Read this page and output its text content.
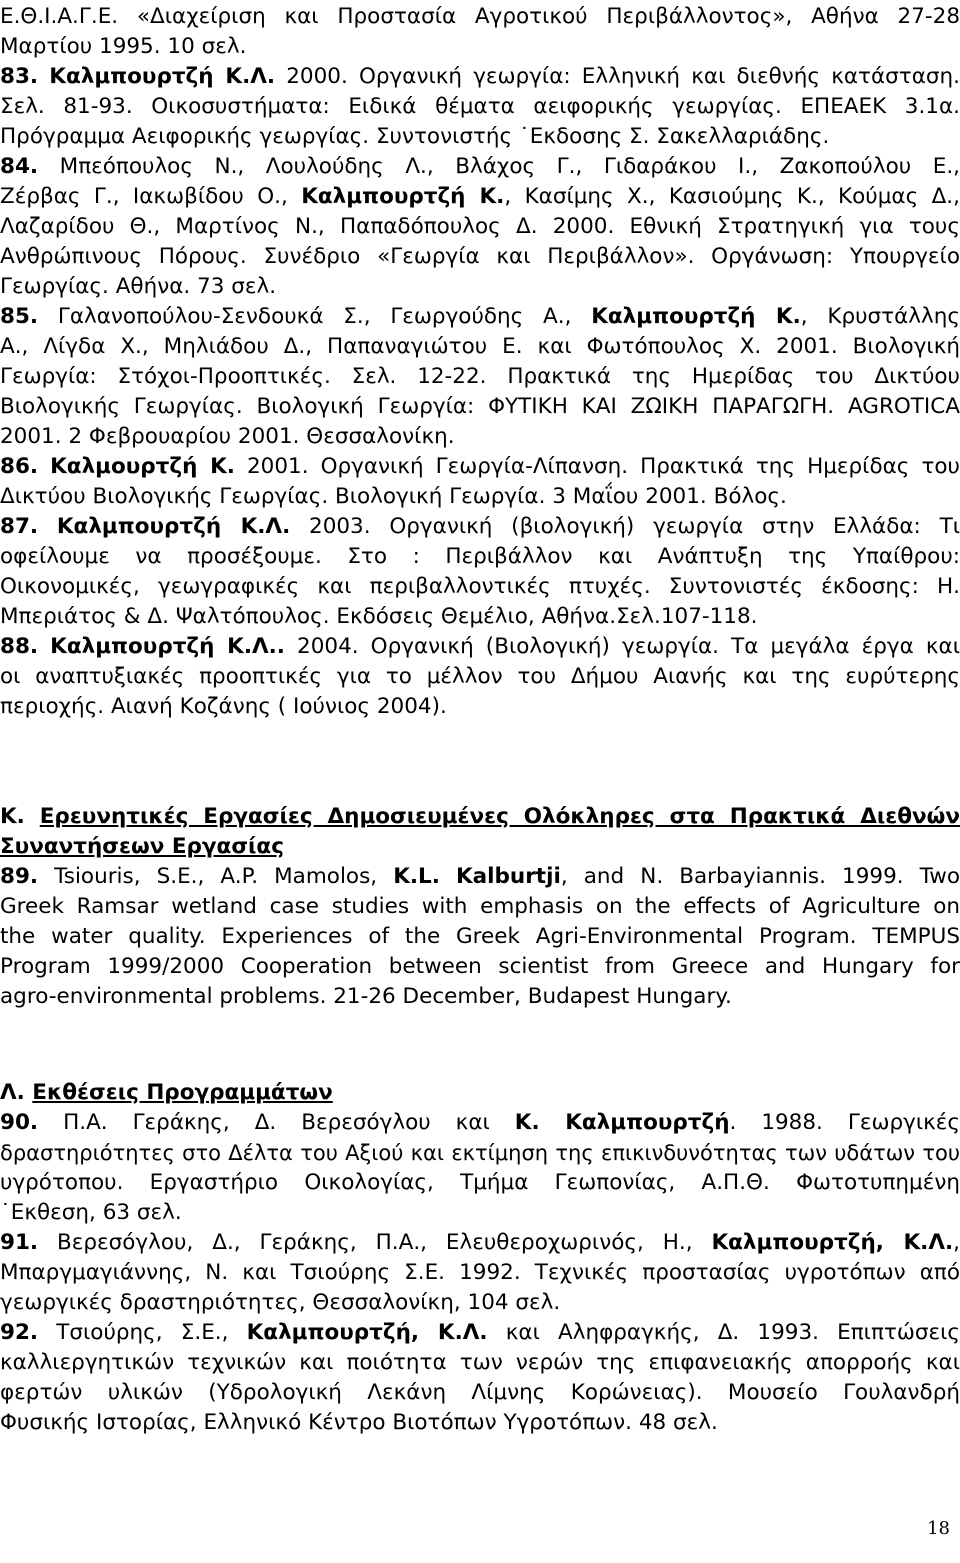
Ε.Θ.Ι.Α.Γ.Ε. «Διαχείριση και Προστασία Αγροτικού Περιβάλλοντος», Αθήνα 27-28
Μαρτίου 1995. 10 σελ.
83. Καλμπουρτζή Κ.Λ. 2000. Οργανική γεωργία: Ελληνική και διεθνής κατάσταση.
Σελ. 81-93. Οικοσυστήματα: Ειδικά θέματα αειφορικής γεωργίας. ΕΠΕΑΕΚ 3.1α.
Πρόγραμμα Αειφορικής γεωργίας. Συντονιστής ˙Εκδοσης Σ. Σακελλαριάδης.
84. Μπεόπουλος Ν., Λουλούδης Λ., Βλάχος Γ., Γιδαράκου Ι., Ζακοπούλου Ε.,
Ζέρβας Γ., Ιακωβίδου Ο., Καλμπουρτζή Κ., Κασίμης Χ., Κασιούμης Κ., Κούμας Δ.,
Λαζαρίδου Θ., Μαρτίνος Ν., Παπαδόπουλος Δ. 2000. Εθνική Στρατηγική για τους
Ανθρώπινους Πόρους. Συνέδριο «Γεωργία και Περιβάλλον». Οργάνωση: Υπουργείο
Γεωργίας. Αθήνα. 73 σελ.
85. Γαλανοπούλου-Σενδουκά Σ., Γεωργούδης Α., Καλμπουρτζή Κ., Κρυστάλλης
Α., Λίγδα Χ., Μηλιάδου Δ., Παπαναγιώτου Ε. και Φωτόπουλος Χ. 2001. Βιολογική
Γεωργία: Στόχοι-Προοπτικές. Σελ. 12-22. Πρακτικά της Ημερίδας του Δικτύου
Βιολογικής Γεωργίας. Βιολογική Γεωργία: ΦΥΤΙΚΗ ΚΑΙ ΖΩΙΚΗ ΠΑΡΑΓΩΓΗ. AGROTICA
2001. 2 Φεβρουαρίου 2001. Θεσσαλονίκη.
86. Καλμουρτζή Κ. 2001. Οργανική Γεωργία-Λίπανση. Πρακτικά της Ημερίδας του
Δικτύου Βιολογικής Γεωργίας. Βιολογική Γεωργία. 3 Μαΐου 2001. Βόλος.
87. Καλμπουρτζή Κ.Λ. 2003. Οργανική (βιολογική) γεωργία στην Ελλάδα: Τι
οφείλουμε να προσέξουμε. Στο : Περιβάλλον και Ανάπτυξη της Υπαίθρου:
Οικονομικές, γεωγραφικές και περιβαλλοντικές πτυχές. Συντονιστές έκδοσης: Η.
Μπεριάτος & Δ. Ψαλτόπουλος. Εκδόσεις Θεμέλιο, Αθήνα.Σελ.107-118.
88. Καλμπουρτζή Κ.Λ.. 2004. Οργανική (Βιολογική) γεωργία. Τα μεγάλα έργα και
οι αναπτυξιακές προοπτικές για το μέλλον του Δήμου Αιανής και της ευρύτερης
περιοχής. Αιανή Κοζάνης ( Ιούνιος 2004).
Κ. Ερευνητικές Εργασίες Δημοσιευμένες Ολόκληρες στα Πρακτικά Διεθνών
Συναντήσεων Εργασίας
89. Tsiouris, S.E., A.P. Mamolos, K.L. Kalburtji, and N. Barbayiannis. 1999. Two
Greek Ramsar wetland case studies with emphasis on the effects of Agriculture on
the water quality. Experiences of the Greek Agri-Environmental Program. TEMPUS
Program 1999/2000 Cooperation between scientist from Greece and Hungary for
agro-environmental problems. 21-26 December, Budapest Hungary.
Λ. Εκθέσεις Προγραμμάτων
90. Π.Α. Γεράκης, Δ. Βερεσόγλου και Κ. Καλμπουρτζή. 1988. Γεωργικές
δραστηριότητες στο Δέλτα του Αξιού και εκτίμηση της επικινδυνότητας των υδάτων του
υγρότοπου. Εργαστήριο Οικολογίας, Τμήμα Γεωπονίας, Α.Π.Θ. Φωτοτυπημένη
˙Εκθεση, 63 σελ.
91. Βερεσόγλου, Δ., Γεράκης, Π.Α., Ελευθεροχωρινός, Η., Καλμπουρτζή, Κ.Λ.,
Μπαργμαγιάννης, Ν. και Τσιούρης Σ.Ε. 1992. Τεχνικές προστασίας υγροτόπων από
γεωργικές δραστηριότητες, Θεσσαλονίκη, 104 σελ.
92. Τσιούρης, Σ.Ε., Καλμπουρτζή, Κ.Λ. και Αληφραγκής, Δ. 1993. Επιπτώσεις
καλλιεργητικών τεχνικών και ποιότητα των νερών της επιφανειακής απορροής και
φερτών υλικών (Υδρολογική Λεκάνη Λίμνης Κορώνειας). Μουσείο Γουλανδρή
Φυσικής Ιστορίας, Ελληνικό Κέντρο Βιοτόπων Υγροτόπων. 48 σελ.
18
